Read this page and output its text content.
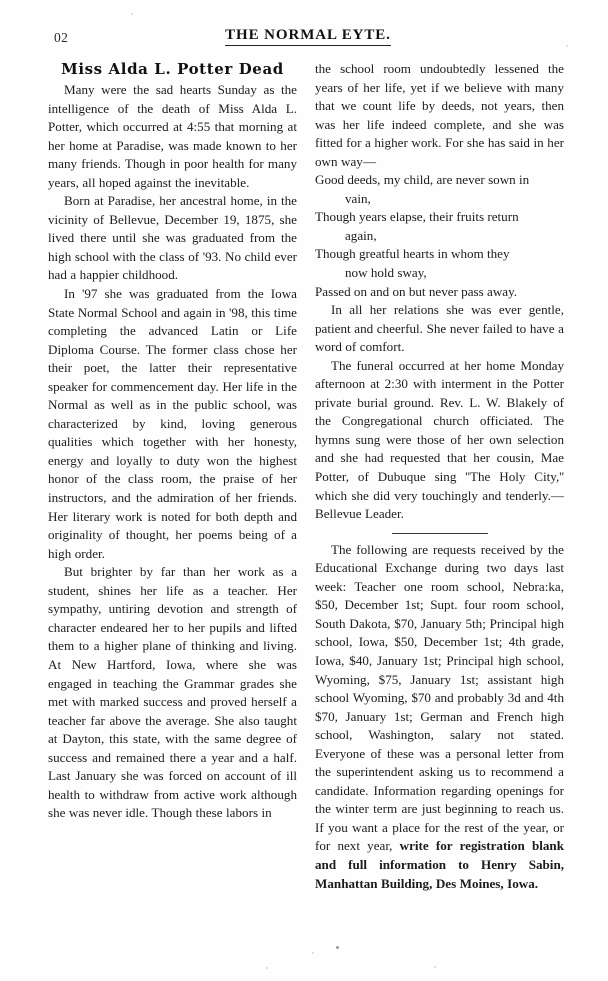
02	THE NORMAL EYTE.
Miss Alda L. Potter Dead

Many were the sad hearts Sunday as the intelligence of the death of Miss Alda L. Potter, which occurred at 4:55 that morning at her home at Paradise, was made known to her many friends. Though in poor health for many years, all hoped against the inevitable.

Born at Paradise, her ancestral home, in the vicinity of Bellevue, December 19, 1875, she lived there until she was graduated from the high school with the class of '93. No child ever had a happier childhood.

In '97 she was graduated from the Iowa State Normal School and again in '98, this time completing the advanced Latin or Life Diploma Course. The former class chose her their poet, the latter their representative speaker for commencement day. Her life in the Normal as well as in the public school, was characterized by kind, loving generous qualities which together with her honesty, energy and loyally to duty won the highest honor of the class room, the praise of her instructors, and the admiration of her friends. Her literary work is noted for both depth and originality of thought, her poems being of a high order.

But brighter by far than her work as a student, shines her life as a teacher. Her sympathy, untiring devotion and strength of character endeared her to her pupils and lifted them to a higher plane of thinking and living. At New Hartford, Iowa, where she was engaged in teaching the Grammar grades she met with marked success and proved herself a teacher far above the average. She also taught at Dayton, this state, with the same degree of success and remained there a year and a half. Last January she was forced on account of ill health to withdraw from active work although she was never idle. Though these labors in

the school room undoubtedly lessened the years of her life, yet if we believe with many that we count life by deeds, not years, then was her life indeed complete, and she was fitted for a higher work. For she has said in her own way—

Good deeds, my child, are never sown in
vain,
Though years elapse, their fruits return
again,
Though greatful hearts in whom they
now hold sway,
Passed on and on but never pass away.

In all her relations she was ever gentle, patient and cheerful. She never failed to have a word of comfort.

The funeral occurred at her home Monday afternoon at 2:30 with interment in the Potter private burial ground. Rev. L. W. Blakely of the Congregational church officiated. The hymns sung were those of her own selection and she had requested that her cousin, Mae Potter, of Dubuque sing ''The Holy City,'' which she did very touchingly and tenderly.—Bellevue Leader.

The following are requests received by the Educational Exchange during two days last week: Teacher one room school, Nebra:ka, $50, December 1st; Supt. four room school, South Dakota, $70, January 5th; Principal high school, Iowa, $50, December 1st; 4th grade, Iowa, $40, January 1st; Principal high school, Wyoming, $75, January 1st; assistant high school Wyoming, $70 and probably 3d and 4th $70, January 1st; German and French high school, Washington, salary not stated. Everyone of these was a personal letter from the superintendent asking us to recommend a candidate. Information regarding openings for the winter term are just beginning to reach us. If you want a place for the rest of the year, or for next year, write for registration blank and full information to Henry Sabin, Manhattan Building, Des Moines, Iowa.
